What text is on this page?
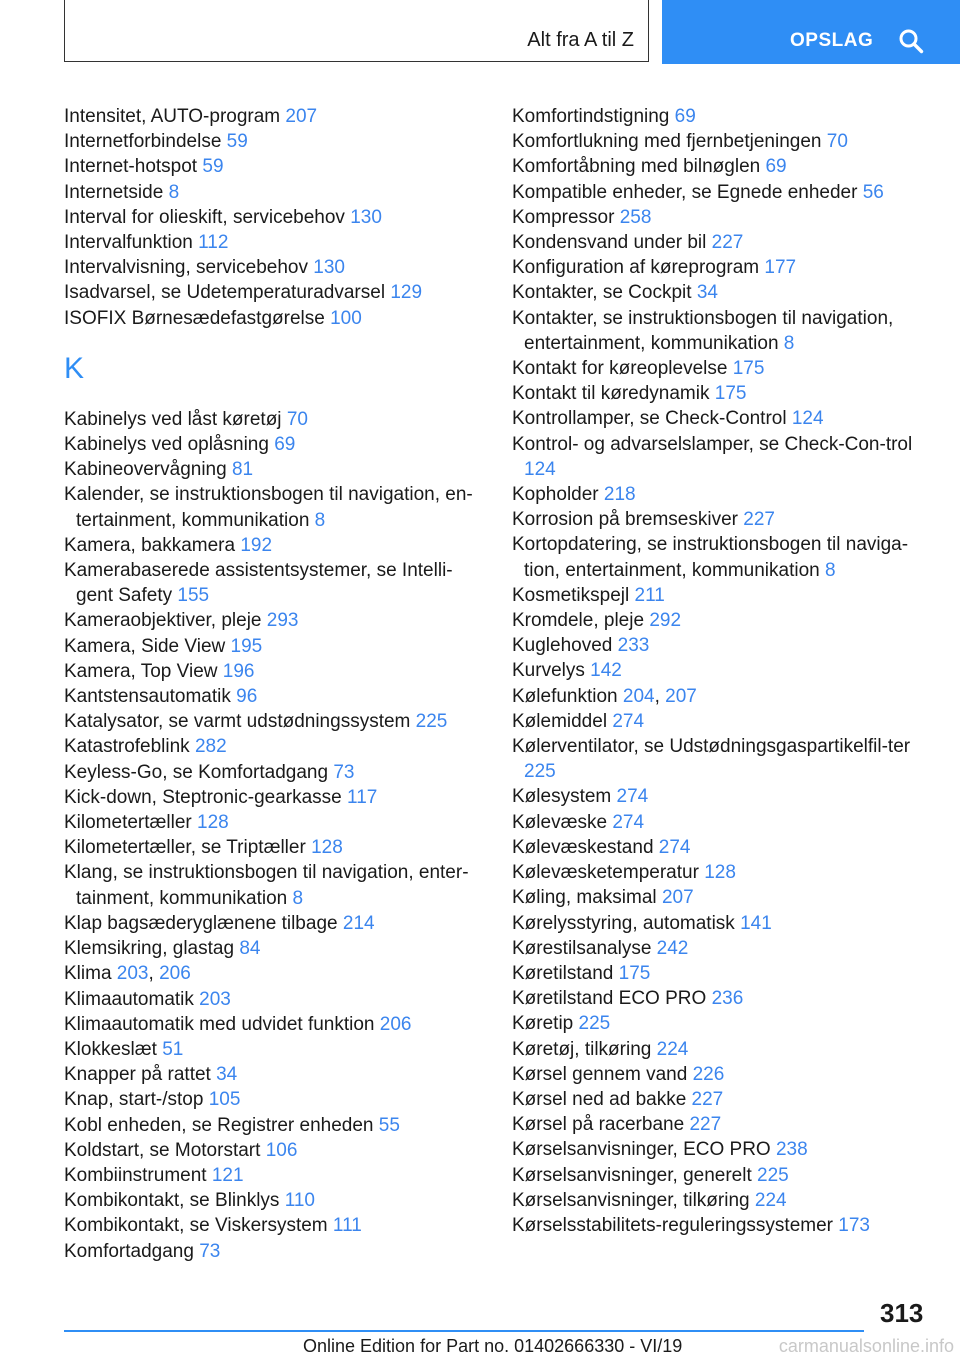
Alt fra A til Z	OPSLAG
Intensitet, AUTO-program 207
Internetforbindelse 59
Internet-hotspot 59
Internetside 8
Interval for olieskift, servicebehov 130
Intervalfunktion 112
Intervalvisning, servicebehov 130
Isadvarsel, se Udetemperaturadvarsel 129
ISOFIX Børnesædefastgørelse 100
K
Kabinelys ved låst køretøj 70
Kabinelys ved oplåsning 69
Kabineovervågning 81
Kalender, se instruktionsbogen til navigation, en‐tertainment, kommunikation 8
Kamera, bakkamera 192
Kamerabaserede assistentsystemer, se Intelli‐gent Safety 155
Kameraobjektiver, pleje 293
Kamera, Side View 195
Kamera, Top View 196
Kantstensautomatik 96
Katalysator, se varmt udstødningssystem 225
Katastrofeblink 282
Keyless-Go, se Komfortadgang 73
Kick-down, Steptronic-gearkasse 117
Kilometertæller 128
Kilometertæller, se Triptæller 128
Klang, se instruktionsbogen til navigation, enter‐tainment, kommunikation 8
Klap bagsæderyglænene tilbage 214
Klemsikring, glastag 84
Klima 203, 206
Klimaautomatik 203
Klimaautomatik med udvidet funktion 206
Klokkeslæt 51
Knapper på rattet 34
Knap, start-/stop 105
Kobl enheden, se Registrer enheden 55
Koldstart, se Motorstart 106
Kombiinstrument 121
Kombikontakt, se Blinklys 110
Kombikontakt, se Viskersystem 111
Komfortadgang 73
Komfortindstigning 69
Komfortlukning med fjernbetjeningen 70
Komfortåbning med bilnøglen 69
Kompatible enheder, se Egnede enheder 56
Kompressor 258
Kondensvand under bil 227
Konfiguration af køreprogram 177
Kontakter, se Cockpit 34
Kontakter, se instruktionsbogen til navigation, entertainment, kommunikation 8
Kontakt for køreoplevelse 175
Kontakt til køredynamik 175
Kontrollamper, se Check-Control 124
Kontrol- og advarselslamper, se Check-Con‐trol 124
Kopholder 218
Korrosion på bremseskiver 227
Kortopdatering, se instruktionsbogen til naviga‐tion, entertainment, kommunikation 8
Kosmetikspejl 211
Kromdele, pleje 292
Kuglehoved 233
Kurvelys 142
Kølefunktion 204, 207
Kølemiddel 274
Kølerventilator, se Udstødningsgaspartikelfil‐ter 225
Kølesystem 274
Kølevæske 274
Kølevæskestand 274
Kølevæsketemperatur 128
Køling, maksimal 207
Kørelysstyring, automatisk 141
Kørestilsanalyse 242
Køretilstand 175
Køretilstand ECO PRO 236
Køretip 225
Køretøj, tilkøring 224
Kørsel gennem vand 226
Kørsel ned ad bakke 227
Kørsel på racerbane 227
Kørselsanvisninger, ECO PRO 238
Kørselsanvisninger, generelt 225
Kørselsanvisninger, tilkøring 224
Kørselsstabilitets-reguleringssystemer 173
313
Online Edition for Part no. 01402666330 - VI/19	carmanualsonline.info
